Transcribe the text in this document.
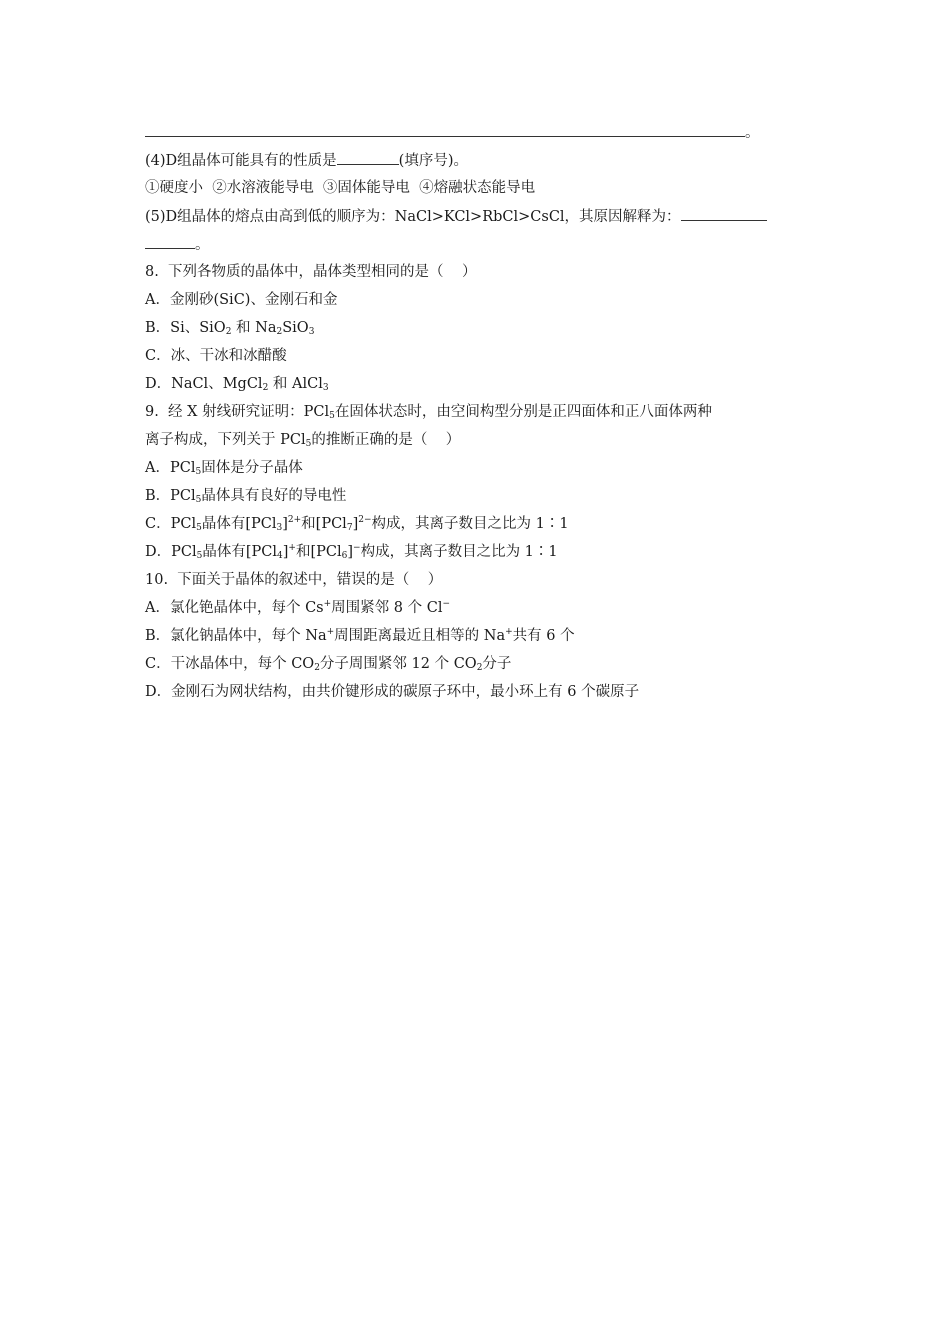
。
(4)D组晶体可能具有的性质是	(填序号)。
①硬度小  ②水溶液能导电  ③固体能导电  ④熔融状态能导电
(5)D组晶体的熔点由高到低的顺序为：NaCl>KCl>RbCl>CsCl，其原因解释为：
。
8.  下列各物质的晶体中，晶体类型相同的是（    ）
A．金刚砂(SiC)、金刚石和金
B．Si、SiO$_2$ 和 $Na_2SiO_3$
C．冰、干冰和冰醋酸
D．NaCl、MgCl$_2$ 和 AlCl$_3$
9.  经 X 射线研究证明：PCl$_5$在固体状态时，由空间构型分别是正四面体和正八面体两种
离子构成，下列关于 PCl$_5$的推断正确的是（    ）
A．PCl$_5$固体是分子晶体
B．PCl$_5$晶体具有良好的导电性
C．PCl$_5$晶体有$[PCl_3]^{2+}$和$[PCl_7]^{2-}$构成，其离子数目之比为 1∶1
D．PCl$_5$晶体有[PCl$_4$]+和[PCl$_6$]−构成，其离子数目之比为 1∶1
10.  下面关于晶体的叙述中，错误的是（    ）
A．氯化铯晶体中，每个 Cs+周围紧邻 8 个 Cl−
B．氯化钠晶体中，每个 Na+周围距离最近且相等的 Na+共有 6 个
C．干冰晶体中，每个 $CO_2$分子周围紧邻 12 个 $CO_2$分子
D．金刚石为网状结构，由共价键形成的碳原子环中，最小环上有 6 个碳原子
